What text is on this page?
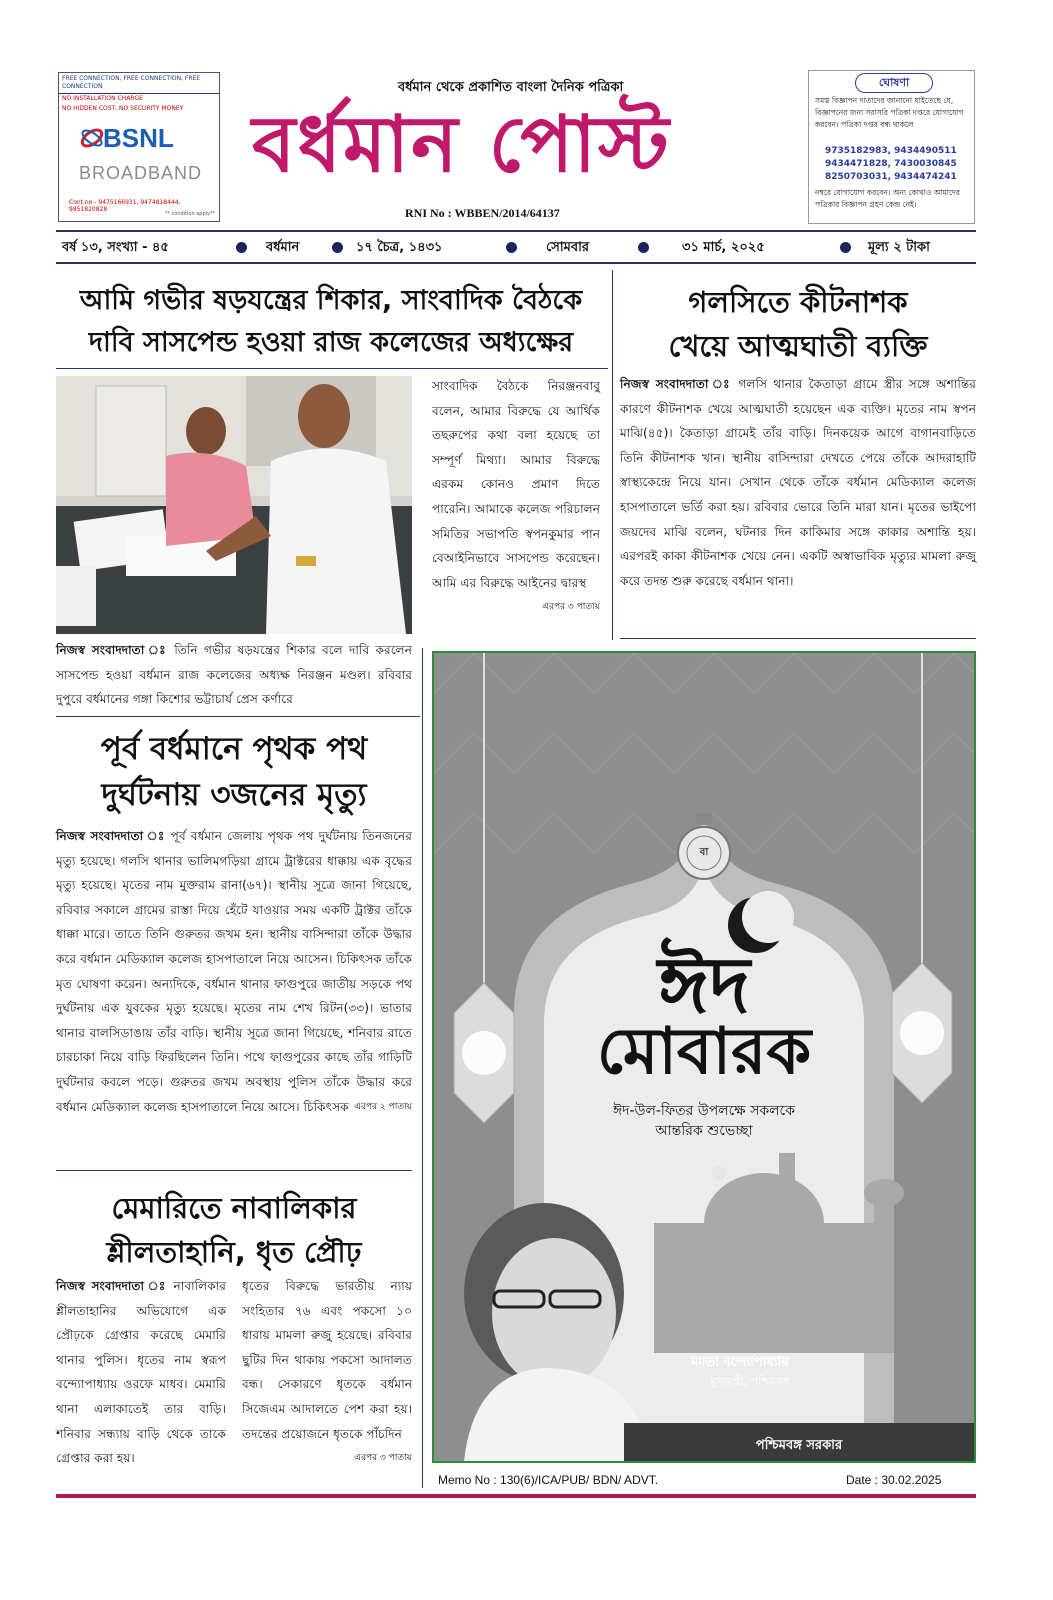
FREE CONNECTION, FREE CONNECTION, FREE CONNECTION
NO INSTALLATION CHARGE
NO HIDDEN COST, NO SECURITY MONEY
BSNL
BROADBAND
Cont.no - 9475166931, 9474818444, 9851820828
** condition apply**
বর্ধমান থেকে প্রকাশিত বাংলা দৈনিক পত্রিকা
বর্ধমান পোস্ট
RNI No : WBBEN/2014/64137
ঘোষণা
সমস্ত বিজ্ঞাপন দাতাদের জানানো যাইতেছে যে, বিজ্ঞাপনের জন্য সরাসরি পত্রিকা দপ্তরে যোগাযোগ করবেন। পত্রিকা দপ্তর বন্ধ থাকলে
9735182983, 9434490511
9434471828, 7430030845
8250703031, 9434474241
নম্বরে যোগাযোগ করবেন। অন্য কোথাও আমাদের পত্রিকার বিজ্ঞাপন গ্রহণ কেন্দ্র নেই।
বর্ষ ১৩, সংখ্যা - ৪৫	বর্ধমান	১৭ চৈত্র, ১৪৩১	সোমবার	৩১ মার্চ, ২০২৫	মূল্য ২ টাকা
আমি গভীর ষড়যন্ত্রের শিকার, সাংবাদিক বৈঠকে
দাবি সাসপেন্ড হওয়া রাজ কলেজের অধ্যক্ষের
সাংবাদিক বৈঠকে নিরঞ্জনবাবু বলেন, আমার বিরুদ্ধে যে আর্থিক তছরুপের কথা বলা হয়েছে তা সম্পূর্ণ মিথ্যা। আমার বিরুদ্ধে এরকম কোনও প্রমাণ দিতে পারেনি। আমাকে কলেজ পরিচালন সমিতির সভাপতি স্বপনকুমার পান বেআইনিভাবে সাসপেন্ড করেছেন। আমি এর বিরুদ্ধে আইনের দ্বারস্থ
এরপর ৩ পাতায়
নিজস্ব সংবাদদাতা ঃ তিনি গভীর ষড়যন্ত্রের শিকার বলে দাবি করলেন সাসপেন্ড হওয়া বর্ধমান রাজ কলেজের অধ্যক্ষ নিরঞ্জন মণ্ডল। রবিবার দুপুরে বর্ধমানের গঙ্গা কিশোর ভট্টাচার্য প্রেস কর্ণারে
গলসিতে কীটনাশক
খেয়ে আত্মঘাতী ব্যক্তি
নিজস্ব সংবাদদাতা ঃ গলসি থানার কৈতাড়া গ্রামে স্ত্রীর সঙ্গে অশান্তির কারণে কীটনাশক খেয়ে আত্মঘাতী হয়েছেন এক ব্যক্তি। মৃতের নাম স্বপন মাঝি(৪৫)। কৈতাড়া গ্রামেই তাঁর বাড়ি। দিনকয়েক আগে বাগানবাড়িতে তিনি কীটনাশক খান। স্থানীয় বাসিন্দারা দেখতে পেয়ে তাঁকে আদরাহাটি স্বাস্থ্যকেন্দ্রে নিয়ে যান। সেখান থেকে তাঁকে বর্ধমান মেডিক্যাল কলেজ হাসপাতালে ভর্তি করা হয়। রবিবার ভোরে তিনি মারা যান। মৃতের ভাইপো জয়দেব মাঝি বলেন, ঘটনার দিন কাকিমার সঙ্গে কাকার অশান্তি হয়। এরপরই কাকা কীটনাশক খেয়ে নেন। একটি অস্বাভাবিক মৃত্যুর মামলা রুজু করে তদন্ত শুরু করেছে বর্ধমান থানা।
পূর্ব বর্ধমানে পৃথক পথ
দুর্ঘটনায় ৩জনের মৃত্যু
নিজস্ব সংবাদদাতা ঃ পূর্ব বর্ধমান জেলায় পৃথক পথ দুর্ঘটনায় তিনজনের মৃত্যু হয়েছে। গলসি থানার ভালিমগড়িয়া গ্রামে ট্রাক্টরের ধাক্কায় এক বৃদ্ধের মৃত্যু হয়েছে। মৃতের নাম মুক্তরাম রানা(৬৭)। স্থানীয় সূত্রে জানা গিয়েছে, রবিবার সকালে গ্রামের রাস্তা দিয়ে হেঁটে যাওয়ার সময় একটি ট্রাক্টর তাঁকে ধাক্কা মারে। তাতে তিনি গুরুতর জখম হন। স্থানীয় বাসিন্দারা তাঁকে উদ্ধার করে বর্ধমান মেডিক্যাল কলেজ হাসপাতালে নিয়ে আসেন। চিকিৎসক তাঁকে মৃত ঘোষণা করেন। অন্যদিকে, বর্ধমান থানার ফাগুপুরে জাতীয় সড়কে পথ দুর্ঘটনায় এক যুবকের মৃত্যু হয়েছে। মৃতের নাম শেখ রিটন(৩৩)। ভাতার থানার বালসিডাঙায় তাঁর বাড়ি। স্থানীয় সূত্রে জানা গিয়েছে, শনিবার রাতে চারচাকা নিয়ে বাড়ি ফিরছিলেন তিনি। পথে ফাগুপুরের কাছে তাঁর গাড়িটি দুর্ঘটনার কবলে পড়ে। গুরুতর জখম অবস্থায় পুলিস তাঁকে উদ্ধার করে বর্ধমান মেডিক্যাল কলেজ হাসপাতালে নিয়ে আসে। চিকিৎসক এরপর ২ পাতায়
মেমারিতে নাবালিকার
শ্লীলতাহানি, ধৃত প্রৌঢ়
নিজস্ব সংবাদদাতা ঃ নাবালিকার শ্লীলতাহানির অভিযোগে এক প্রৌঢ়কে গ্রেপ্তার করেছে মেমারি থানার পুলিস। ধৃতের নাম স্বরূপ বন্দ্যোপাধ্যায় ওরফে মাধব। মেমারি থানা এলাকাতেই তার বাড়ি। শনিবার সন্ধ্যায় বাড়ি থেকে তাকে গ্রেপ্তার করা হয়।
ধৃতের বিরুদ্ধে ভারতীয় ন্যায় সংহিতার ৭৬ এবং পকসো ১০ ধারায় মামলা রুজু হয়েছে। রবিবার ছুটির দিন থাকায় পকসো আদালত বন্ধ। সেকারণে ধৃতকে বর্ধমান সিজেএম আদালতে পেশ করা হয়। তদন্তের প্রয়োজনে ধৃতকে পাঁচদিন
এরপর ৩ পাতায়
ঈদ
মোবারক
ঈদ-উল-ফিতর উপলক্ষে সকলকে
আন্তরিক শুভেচ্ছা
মমতা বন্দ্যোপাধ্যায়
মুখ্যমন্ত্রী, পশ্চিমবঙ্গ
পশ্চিমবঙ্গ সরকার
বা
Memo No : 130(6)/ICA/PUB/ BDN/ ADVT.	Date : 30.02.2025
